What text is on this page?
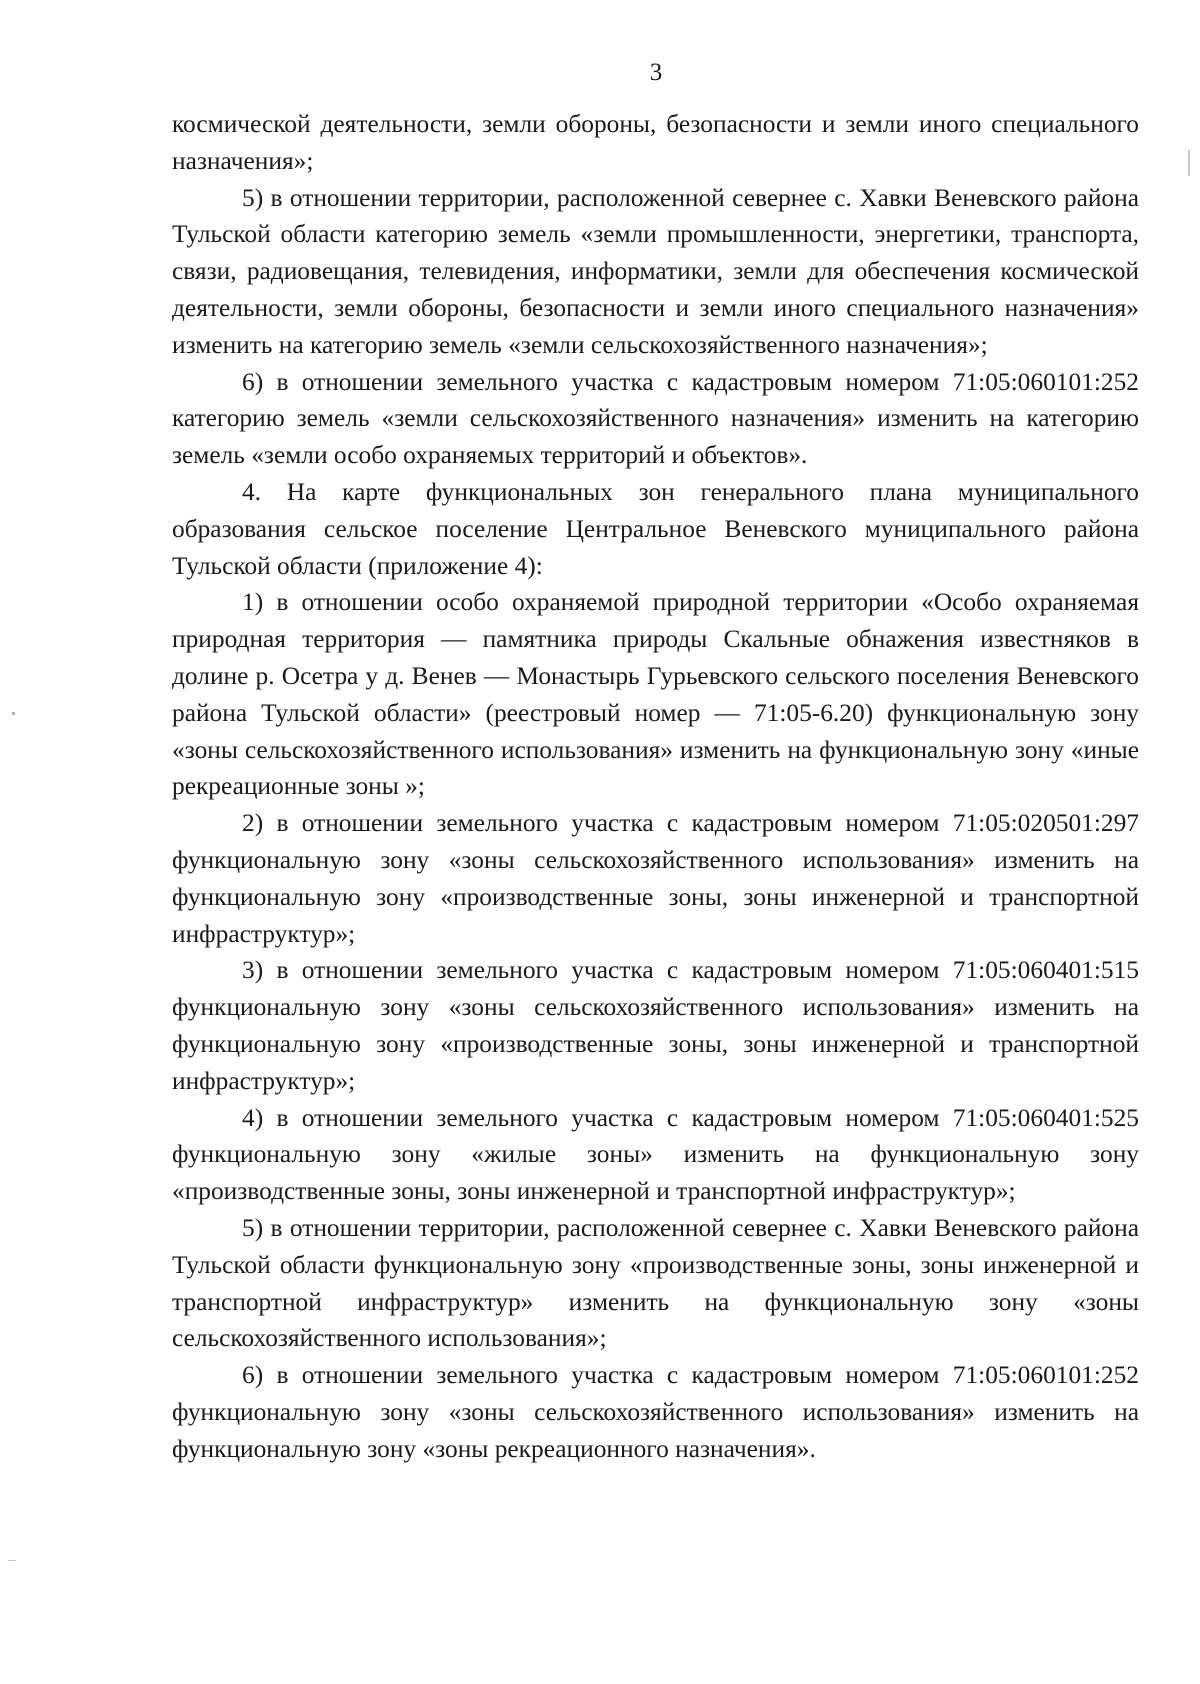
3

космической деятельности, земли обороны, безопасности и земли иного специального назначения»;

5) в отношении территории, расположенной севернее с. Хавки Веневского района Тульской области категорию земель «земли промышленности, энергетики, транспорта, связи, радиовещания, телевидения, информатики, земли для обеспечения космической деятельности, земли обороны, безопасности и земли иного специального назначения» изменить на категорию земель «земли сельскохозяйственного назначения»;

6) в отношении земельного участка с кадастровым номером 71:05:060101:252 категорию земель «земли сельскохозяйственного назначения» изменить на категорию земель «земли особо охраняемых территорий и объектов».

4. На карте функциональных зон генерального плана муниципального образования сельское поселение Центральное Веневского муниципального района Тульской области (приложение 4):

1) в отношении особо охраняемой природной территории «Особо охраняемая природная территория — памятника природы Скальные обнажения известняков в долине р. Осетра у д. Венев — Монастырь Гурьевского сельского поселения Веневского района Тульской области» (реестровый номер — 71:05-6.20) функциональную зону «зоны сельскохозяйственного использования» изменить на функциональную зону «иные рекреационные зоны »;

2) в отношении земельного участка с кадастровым номером 71:05:020501:297 функциональную зону «зоны сельскохозяйственного использования» изменить на функциональную зону «производственные зоны, зоны инженерной и транспортной инфраструктур»;

3) в отношении земельного участка с кадастровым номером 71:05:060401:515 функциональную зону «зоны сельскохозяйственного использования» изменить на функциональную зону «производственные зоны, зоны инженерной и транспортной инфраструктур»;

4) в отношении земельного участка с кадастровым номером 71:05:060401:525 функциональную зону «жилые зоны» изменить на функциональную зону «производственные зоны, зоны инженерной и транспортной инфраструктур»;

5) в отношении территории, расположенной севернее с. Хавки Веневского района Тульской области функциональную зону «производственные зоны, зоны инженерной и транспортной инфраструктур» изменить на функциональную зону «зоны сельскохозяйственного использования»;

6) в отношении земельного участка с кадастровым номером 71:05:060101:252 функциональную зону «зоны сельскохозяйственного использования» изменить на функциональную зону «зоны рекреационного назначения».
